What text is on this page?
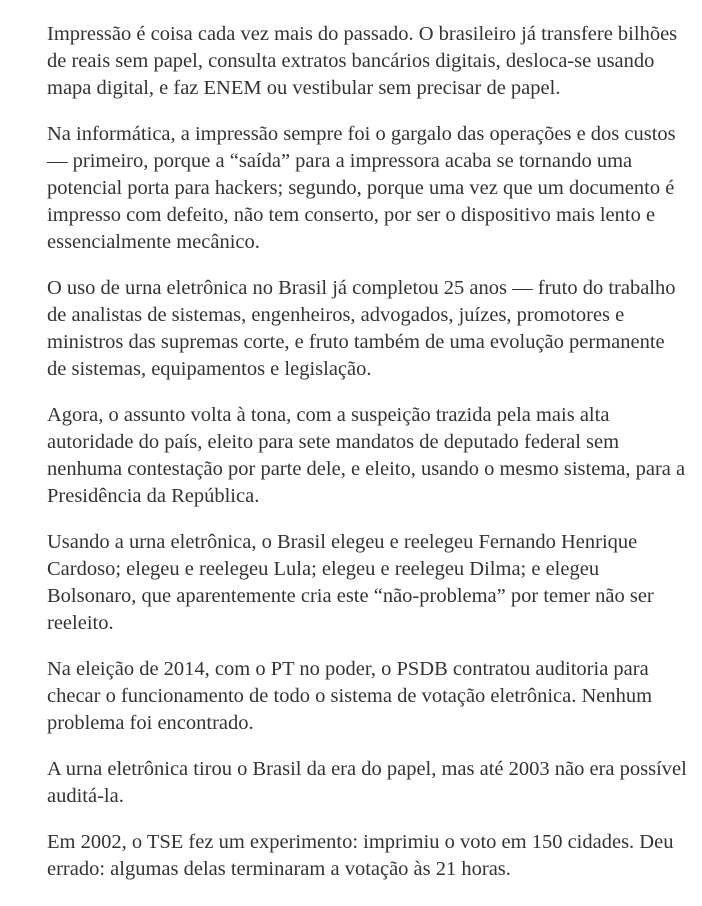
Impressão é coisa cada vez mais do passado. O brasileiro já transfere bilhões de reais sem papel, consulta extratos bancários digitais, desloca-se usando mapa digital, e faz ENEM ou vestibular sem precisar de papel.

Na informática, a impressão sempre foi o gargalo das operações e dos custos — primeiro, porque a “saída” para a impressora acaba se tornando uma potencial porta para hackers; segundo, porque uma vez que um documento é impresso com defeito, não tem conserto, por ser o dispositivo mais lento e essencialmente mecânico.

O uso de urna eletrônica no Brasil já completou 25 anos — fruto do trabalho de analistas de sistemas, engenheiros, advogados, juízes, promotores e ministros das supremas corte, e fruto também de uma evolução permanente de sistemas, equipamentos e legislação.

Agora, o assunto volta à tona, com a suspeição trazida pela mais alta autoridade do país, eleito para sete mandatos de deputado federal sem nenhuma contestação por parte dele, e eleito, usando o mesmo sistema, para a Presidência da República.

Usando a urna eletrônica, o Brasil elegeu e reelegeu Fernando Henrique Cardoso; elegeu e reelegeu Lula; elegeu e reelegeu Dilma; e elegeu Bolsonaro, que aparentemente cria este “não-problema” por temer não ser reeleito.

Na eleição de 2014, com o PT no poder, o PSDB contratou auditoria para checar o funcionamento de todo o sistema de votação eletrônica. Nenhum problema foi encontrado.

A urna eletrônica tirou o Brasil da era do papel, mas até 2003 não era possível auditá-la.

Em 2002, o TSE fez um experimento: imprimiu o voto em 150 cidades. Deu errado: algumas delas terminaram a votação às 21 horas.
